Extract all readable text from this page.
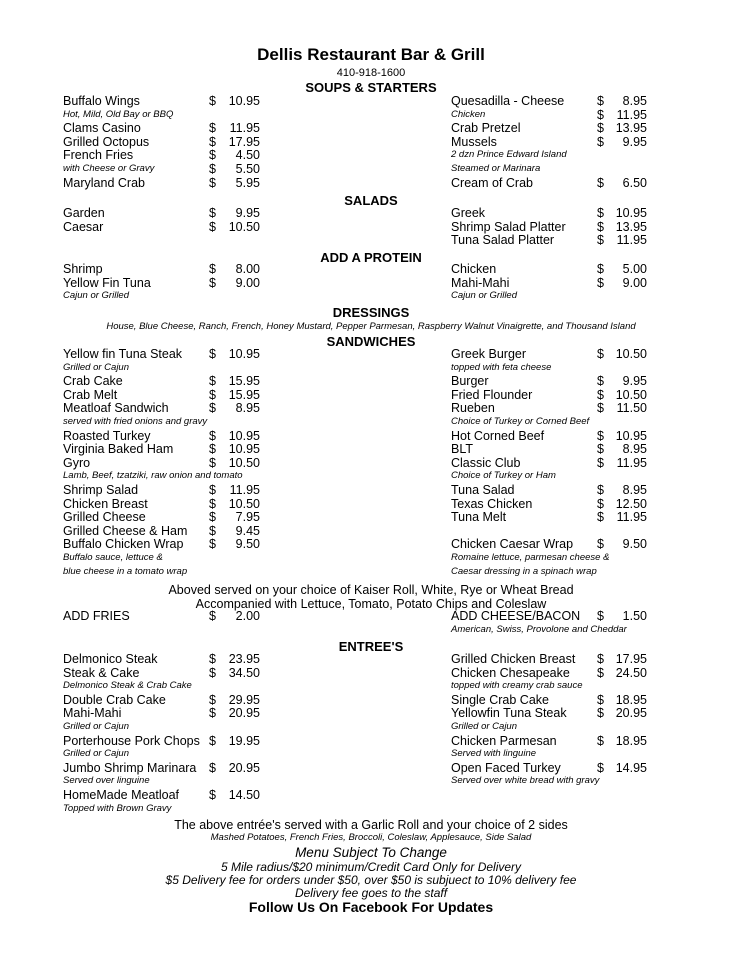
Dellis Restaurant Bar & Grill
410-918-1600
SOUPS & STARTERS
SALADS
ADD A PROTEIN
DRESSINGS
House, Blue Cheese, Ranch, French, Honey Mustard, Pepper Parmesan, Raspberry Walnut Vinaigrette, and Thousand Island
SANDWICHES
Aboved served on your choice of Kaiser Roll, White, Rye or Wheat Bread
Accompanied with Lettuce, Tomato, Potato Chips and Coleslaw
ENTREE'S
The above entrée's served with a Garlic Roll and your choice of 2 sides
Mashed Potatoes, French Fries, Broccoli, Coleslaw, Applesauce, Side Salad
Menu Subject To Change
5 Mile radius/$20 minimum/Credit Card Only for Delivery
$5 Delivery fee for orders under $50, over $50 is subjuect to 10% delivery fee
Delivery fee goes to the staff
Follow Us On Facebook For Updates
Buffalo Wings	$	10.95
Hot, Mild, Old Bay or BBQ
Clams Casino	$	11.95
Grilled Octopus	$	17.95
French Fries	$	4.50
with Cheese or Gravy	$	5.50
Maryland Crab	$	5.95
Quesadilla - Cheese	$	8.95
Chicken	$	11.95
Crab Pretzel	$ 13.95
Mussels	$	9.95
2 dzn Prince Edward Island
Steamed or Marinara
Cream of Crab	$	6.50
Garden	$	9.95
Caesar	$	10.50
Greek	$ 10.95
Shrimp Salad Platter	$ 13.95
Tuna Salad Platter	$	11.95
Shrimp	$	8.00
Yellow Fin Tuna	$	9.00
Cajun or Grilled
Chicken	$	5.00
Mahi-Mahi	$	9.00
Cajun or Grilled
Yellow fin Tuna Steak $	10.95
Grilled or Cajun
Crab Cake	$	15.95
Crab Melt	$	15.95
Meatloaf Sandwich	$	8.95
served with fried onions and gravy
Roasted Turkey	$	10.95
Virginia Baked Ham	$	10.95
Gyro	$	10.50
Lamb, Beef, tzatziki, raw onion and tomato
Shrimp Salad	$	11.95
Chicken Breast	$	10.50
Grilled Cheese	$	7.95
Grilled Cheese & Ham $	9.45
Buffalo Chicken Wrap $	9.50
Buffalo sauce, lettuce &
blue cheese in a tomato wrap
Greek Burger	$ 10.50
topped with feta cheese
Burger	$	9.95
Fried Flounder	$ 10.50
Rueben	$	11.50
Choice of Turkey or Corned Beef
Hot Corned Beef	$ 10.95
BLT	$	8.95
Classic Club	$	11.95
Choice of Turkey or Ham
Tuna Salad	$	8.95
Texas Chicken	$ 12.50
Tuna Melt	$	11.95
Chicken Caesar Wrap $	9.50
Romaine lettuce, parmesan cheese &
Caesar dressing in a spinach wrap
ADD FRIES	$	2.00	ADD CHEESE/BACON $	1.50
American, Swiss, Provolone and Cheddar
Delmonico Steak	$	23.95
Steak & Cake	$	34.50
Delmonico Steak & Crab Cake
Double Crab Cake	$	29.95
Mahi-Mahi	$	20.95
Grilled or Cajun
Porterhouse Pork Chops $	19.95
Grilled or Cajun
Jumbo Shrimp Marinara $	20.95
Served over linguine
HomeMade Meatloaf $	14.50
Topped with Brown Gravy
Grilled Chicken Breast $ 17.95
Chicken Chesapeake $ 24.50
topped with creamy crab sauce
Single Crab Cake	$ 18.95
Yellowfin Tuna Steak $ 20.95
Grilled or Cajun
Chicken Parmesan	$ 18.95
Served with linguine
Open Faced Turkey	$ 14.95
Served over white bread with gravy
